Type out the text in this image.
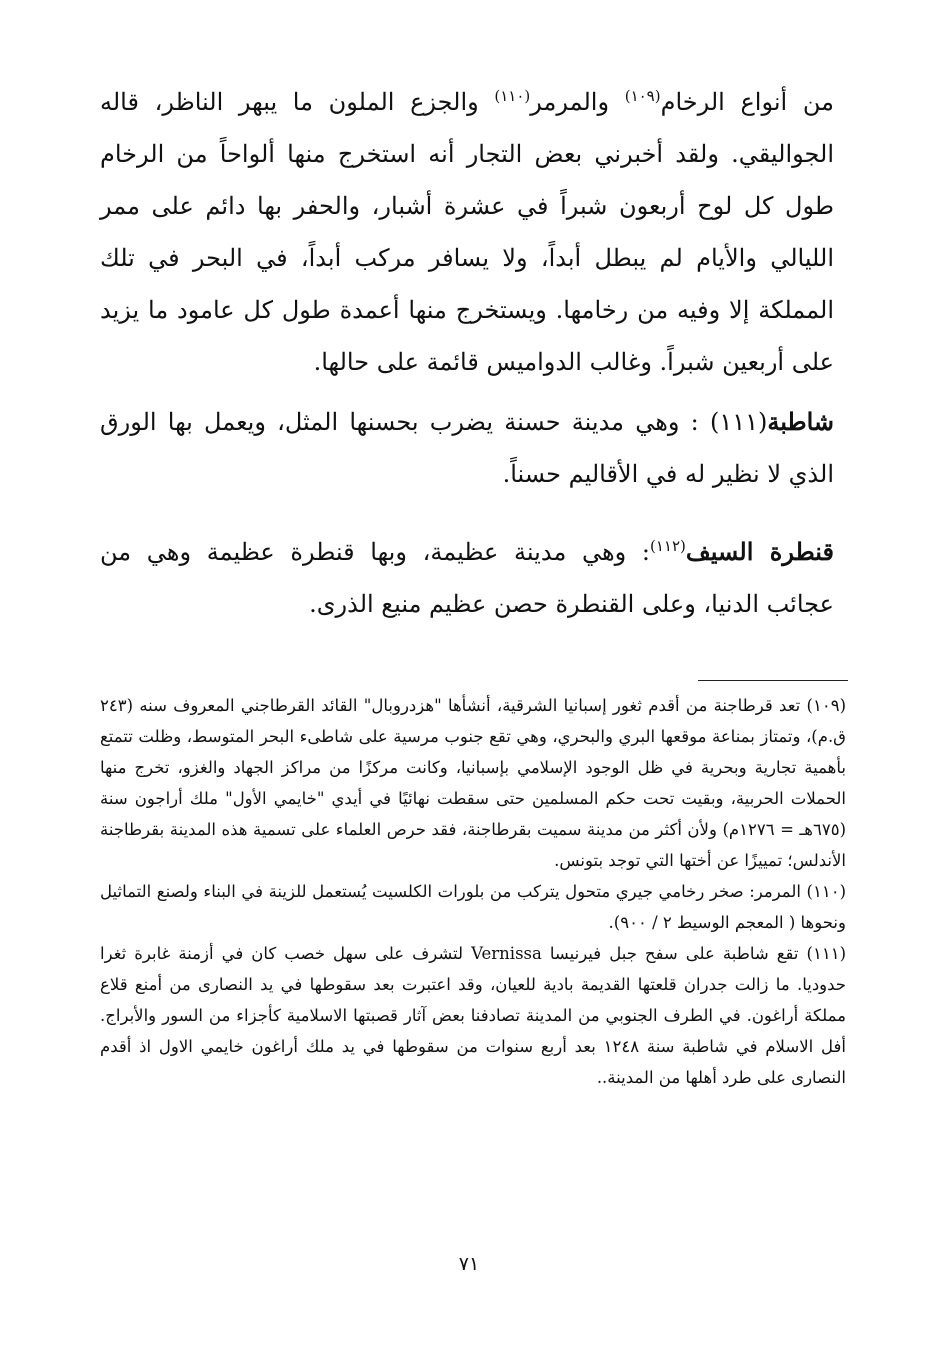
من أنواع الرخام$^{(١٠٩)}$ والمرمر$^{(١١٠)}$ والجزع الملون ما يبهر الناظر، قاله الجواليقي. ولقد أخبرني بعض التجار أنه استخرج منها ألواحاً من الرخام طول كل لوح أربعون شبراً في عشرة أشبار، والحفر بها دائم على ممر الليالي والأيام لم يبطل أبداً، ولا يسافر مركب أبداً، في البحر في تلك المملكة إلا وفيه من رخامها. ويستخرج منها أعمدة طول كل عامود ما يزيد على أربعين شبراً. وغالب الدواميس قائمة على حالها.

شاطبة(١١١) : وهي مدينة حسنة يضرب بحسنها المثل، ويعمل بها الورق الذي لا نظير له في الأقاليم حسناً.

قنطرة السيف$^{(١١٢)}$: وهي مدينة عظيمة، وبها قنطرة عظيمة وهي من عجائب الدنيا، وعلى القنطرة حصن عظيم منيع الذرى.

(١٠٩) تعد قرطاجنة من أقدم ثغور إسبانيا الشرقية، أنشأها "هزدروبال" القائد القرطاجني المعروف سنه (٢٤٣ ق.م)، وتمتاز بمناعة موقعها البري والبحري، وهي تقع جنوب مرسية على شاطىء البحر المتوسط، وظلت تتمتع بأهمية تجارية وبحرية في ظل الوجود الإسلامي بإسبانيا، وكانت مركزًا من مراكز الجهاد والغزو، تخرج منها الحملات الحربية، وبقيت تحت حكم المسلمين حتى سقطت نهائيًا في أيدي "خايمي الأول" ملك أراجون سنة (٦٧٥هـ = ١٢٧٦م) ولأن أكثر من مدينة سميت بقرطاجنة، فقد حرص العلماء على تسمية هذه المدينة بقرطاجنة الأندلس؛ تمييزًا عن أختها التي توجد بتونس.

(١١٠) المرمر: صخر رخامي جيري متحول يتركب من بلورات الكلسيت يُستعمل للزينة في البناء ولصنع التماثيل ونحوها ( المعجم الوسيط ٢ / ٩٠٠).

(١١١) تقع شاطبة على سفح جبل فيرنيسا Vernissa لتشرف على سهل خصب كان في أزمنة غابرة ثغرا حدوديا. ما زالت جدران قلعتها القديمة بادية للعيان، وقد اعتبرت بعد سقوطها في يد النصارى من أمنع قلاع مملكة أراغون. في الطرف الجنوبي من المدينة تصادفنا بعض آثار قصبتها الاسلامية كأجزاء من السور والأبراج. أفل الاسلام في شاطبة سنة ١٢٤٨ بعد أربع سنوات من سقوطها في يد ملك أراغون خايمي الاول اذ أقدم النصارى على طرد أهلها من المدينة..

٧١
